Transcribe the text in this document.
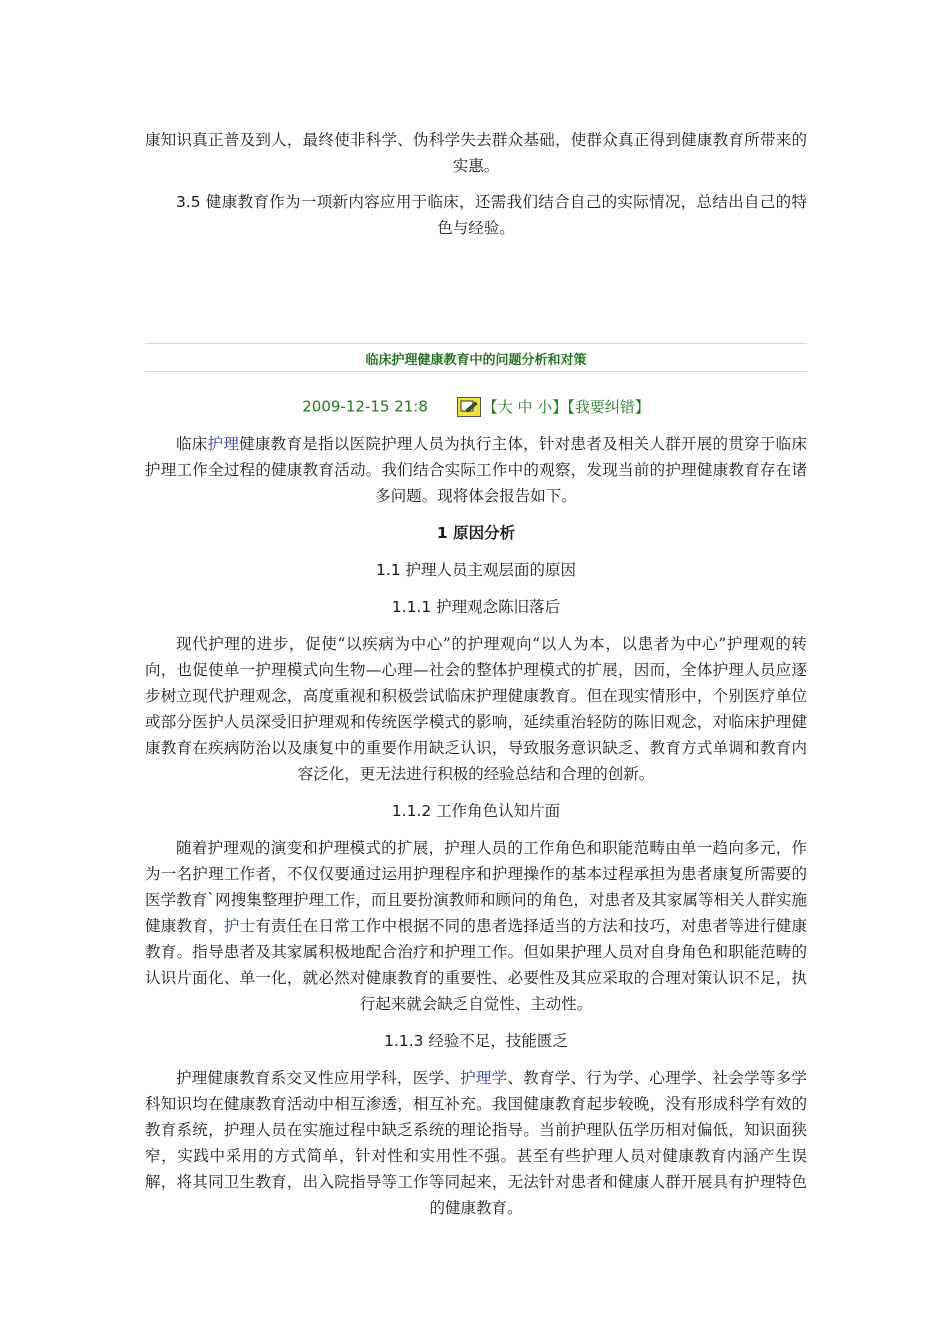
康知识真正普及到人，最终使非科学、伪科学失去群众基础，使群众真正得到健康教育所带来的实惠。

3.5 健康教育作为一项新内容应用于临床，还需我们结合自己的实际情况，总结出自己的特色与经验。

临床护理健康教育中的问题分析和对策
2009-12-15 21:8	【大 中 小】【我要纠错】

临床护理健康教育是指以医院护理人员为执行主体，针对患者及相关人群开展的贯穿于临床护理工作全过程的健康教育活动。我们结合实际工作中的观察，发现当前的护理健康教育存在诸多问题。现将体会报告如下。

1 原因分析
1.1 护理人员主观层面的原因
1.1.1 护理观念陈旧落后

现代护理的进步，促使“以疾病为中心”的护理观向“以人为本，以患者为中心”护理观的转向，也促使单一护理模式向生物—心理—社会的整体护理模式的扩展，因而，全体护理人员应逐步树立现代护理观念，高度重视和积极尝试临床护理健康教育。但在现实情形中，个别医疗单位或部分医护人员深受旧护理观和传统医学模式的影响，延续重治轻防的陈旧观念，对临床护理健康教育在疾病防治以及康复中的重要作用缺乏认识，导致服务意识缺乏、教育方式单调和教育内容泛化，更无法进行积极的经验总结和合理的创新。

1.1.2 工作角色认知片面

随着护理观的演变和护理模式的扩展，护理人员的工作角色和职能范畴由单一趋向多元，作为一名护理工作者，不仅仅要通过运用护理程序和护理操作的基本过程承担为患者康复所需要的医学教育`网搜集整理护理工作，而且要扮演教师和顾问的角色，对患者及其家属等相关人群实施健康教育，护士有责任在日常工作中根据不同的患者选择适当的方法和技巧，对患者等进行健康教育。指导患者及其家属积极地配合治疗和护理工作。但如果护理人员对自身角色和职能范畴的认识片面化、单一化，就必然对健康教育的重要性、必要性及其应采取的合理对策认识不足，执行起来就会缺乏自觉性、主动性。

1.1.3 经验不足，技能匮乏

护理健康教育系交叉性应用学科，医学、护理学、教育学、行为学、心理学、社会学等多学科知识均在健康教育活动中相互渗透，相互补充。我国健康教育起步较晚，没有形成科学有效的教育系统，护理人员在实施过程中缺乏系统的理论指导。当前护理队伍学历相对偏低，知识面狭窄，实践中采用的方式简单，针对性和实用性不强。甚至有些护理人员对健康教育内涵产生误解，将其同卫生教育，出入院指导等工作等同起来，无法针对患者和健康人群开展具有护理特色的健康教育。
